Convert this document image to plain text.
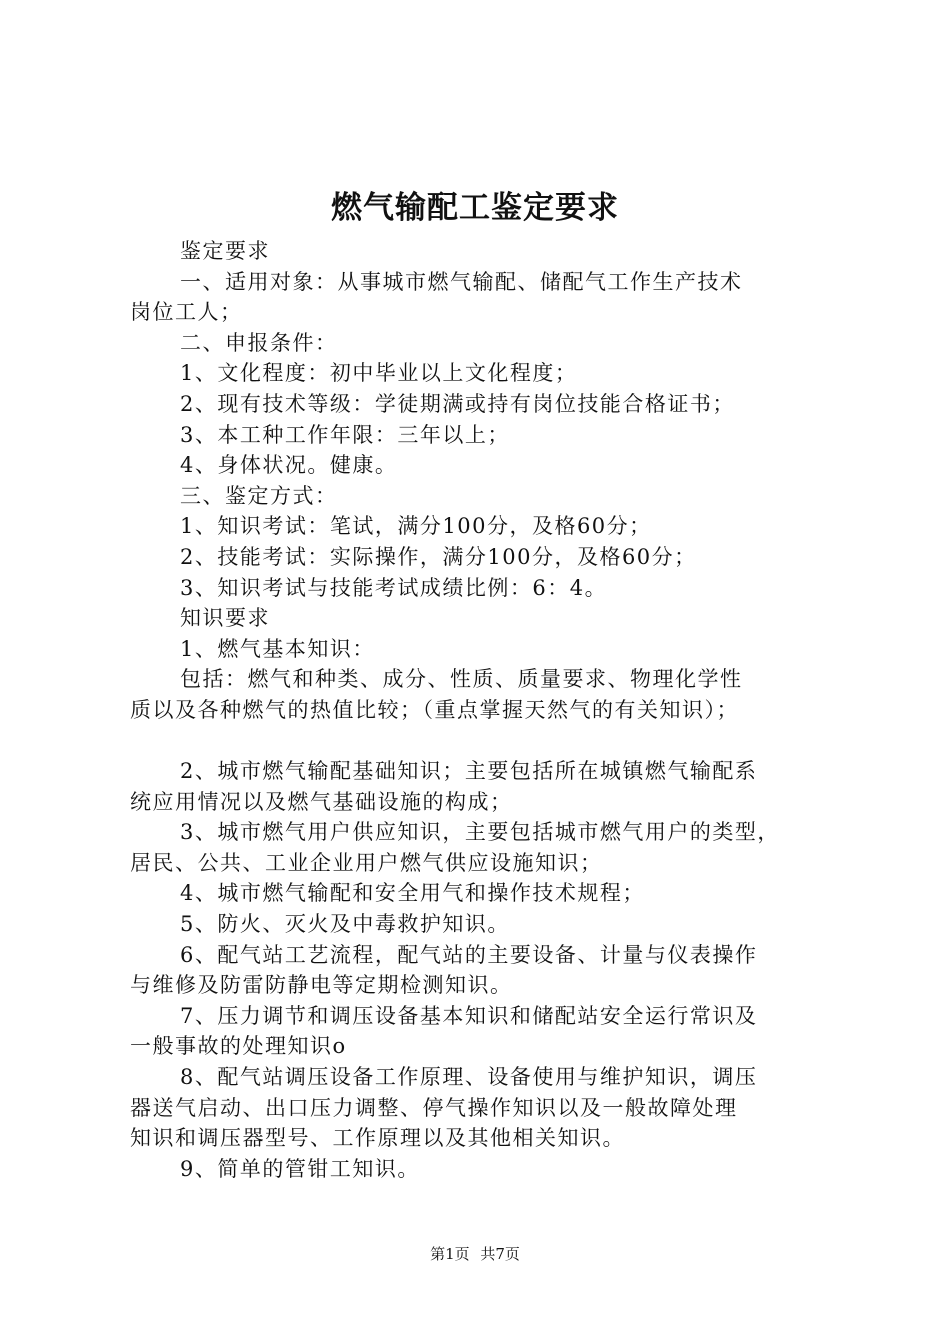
燃气输配工鉴定要求
鉴定要求
一、适用对象：从事城市燃气输配、储配气工作生产技术
岗位工人；
二、申报条件：
1、文化程度：初中毕业以上文化程度；
2、现有技术等级：学徒期满或持有岗位技能合格证书；
3、本工种工作年限：三年以上；
4、身体状况。健康。
三、鉴定方式：
1、知识考试：笔试，满分100分，及格60分；
2、技能考试：实际操作，满分100分，及格60分；
3、知识考试与技能考试成绩比例：6：4。
知识要求
1、燃气基本知识：
包括：燃气和种类、成分、性质、质量要求、物理化学性
质以及各种燃气的热值比较；（重点掌握天然气的有关知识）；
2、城市燃气输配基础知识；主要包括所在城镇燃气输配系
统应用情况以及燃气基础设施的构成；
3、城市燃气用户供应知识，主要包括城市燃气用户的类型，
居民、公共、工业企业用户燃气供应设施知识；
4、城市燃气输配和安全用气和操作技术规程；
5、防火、灭火及中毒救护知识。
6、配气站工艺流程，配气站的主要设备、计量与仪表操作
与维修及防雷防静电等定期检测知识。
7、压力调节和调压设备基本知识和储配站安全运行常识及
一般事故的处理知识o
8、配气站调压设备工作原理、设备使用与维护知识，调压
器送气启动、出口压力调整、停气操作知识以及一般故障处理
知识和调压器型号、工作原理以及其他相关知识。
9、简单的管钳工知识。
第1页 共7页
